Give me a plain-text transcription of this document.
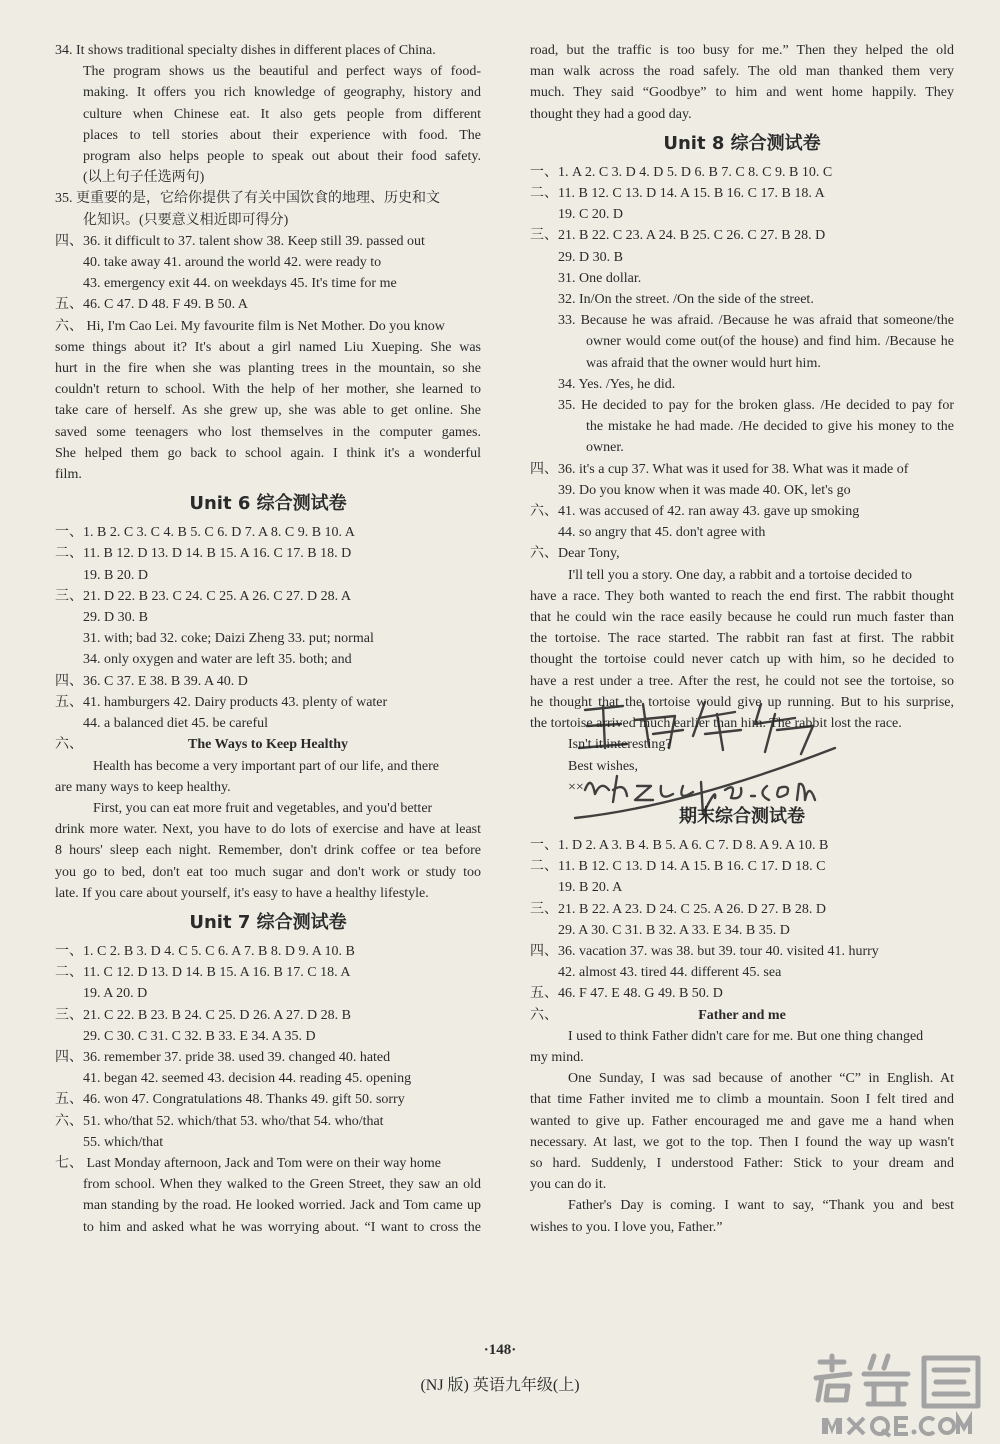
34. It shows traditional specialty dishes in different places of China.
The program shows us the beautiful and perfect ways of food-
making. It offers you rich knowledge of geography, history and
culture when Chinese eat. It also gets people from different
places to tell stories about their experience with food. The
program also helps people to speak out about their food safety.
(以上句子任选两句)
35. 更重要的是，它给你提供了有关中国饮食的地理、历史和文
化知识。(只要意义相近即可得分)
四、36. it difficult to 37. talent show 38. Keep still 39. passed out
40. take away 41. around the world 42. were ready to
43. emergency exit 44. on weekdays 45. It's time for me
五、46. C 47. D 48. F 49. B 50. A
六、 Hi, I'm Cao Lei. My favourite film is Net Mother. Do you know
some things about it? It's about a girl named Liu Xueping. She was
hurt in the fire when she was planting trees in the mountain, so she
couldn't return to school. With the help of her mother, she learned to
take care of herself. As she grew up, she was able to get online. She
saved some teenagers who lost themselves in the computer games.
She helped them go back to school again. I think it's a wonderful
film.
Unit 6 综合测试卷
一、1. B 2. C 3. C 4. B 5. C 6. D 7. A 8. C 9. B 10. A
二、11. B 12. D 13. D 14. B 15. A 16. C 17. B 18. D
19. B 20. D
三、21. D 22. B 23. C 24. C 25. A 26. C 27. D 28. A
29. D 30. B
31. with; bad 32. coke; Daizi Zheng 33. put; normal
34. only oxygen and water are left 35. both; and
四、36. C 37. E 38. B 39. A 40. D
五、41. hamburgers 42. Dairy products 43. plenty of water
44. a balanced diet 45. be careful
六、	The Ways to Keep Healthy
Health has become a very important part of our life, and there
are many ways to keep healthy.
First, you can eat more fruit and vegetables, and you'd better
drink more water. Next, you have to do lots of exercise and have at least
8 hours' sleep each night. Remember, don't drink coffee or tea before
you go to bed, don't eat too much sugar and don't work or study too
late. If you care about yourself, it's easy to have a healthy lifestyle.
Unit 7 综合测试卷
一、1. C 2. B 3. D 4. C 5. C 6. A 7. B 8. D 9. A 10. B
二、11. C 12. D 13. D 14. B 15. A 16. B 17. C 18. A
19. A 20. D
三、21. C 22. B 23. B 24. C 25. D 26. A 27. D 28. B
29. C 30. C 31. C 32. B 33. E 34. A 35. D
四、36. remember 37. pride 38. used 39. changed 40. hated
41. began 42. seemed 43. decision 44. reading 45. opening
五、46. won 47. Congratulations 48. Thanks 49. gift 50. sorry
六、51. who/that 52. which/that 53. who/that 54. who/that
55. which/that
七、 Last Monday afternoon, Jack and Tom were on their way home
from school. When they walked to the Green Street, they saw an old
man standing by the road. He looked worried. Jack and Tom came up
to him and asked what he was worrying about. “I want to cross the
road, but the traffic is too busy for me.” Then they helped the old
man walk across the road safely. The old man thanked them very
much. They said “Goodbye” to him and went home happily. They
thought they had a good day.
Unit 8 综合测试卷
一、1. A 2. C 3. D 4. D 5. D 6. B 7. C 8. C 9. B 10. C
二、11. B 12. C 13. D 14. A 15. B 16. C 17. B 18. A
19. C 20. D
三、21. B 22. C 23. A 24. B 25. C 26. C 27. B 28. D
29. D 30. B
31. One dollar.
32. In/On the street. /On the side of the street.
33. Because he was afraid. /Because he was afraid that someone/the
owner would come out(of the house) and find him. /Because he
was afraid that the owner would hurt him.
34. Yes. /Yes, he did.
35. He decided to pay for the broken glass. /He decided to pay for
the mistake he had made. /He decided to give his money to the
owner.
四、36. it's a cup 37. What was it used for 38. What was it made of
39. Do you know when it was made 40. OK, let's go
六、41. was accused of 42. ran away 43. gave up smoking
44. so angry that 45. don't agree with
六、Dear Tony,
I'll tell you a story. One day, a rabbit and a tortoise decided to
have a race. They both wanted to reach the end first. The rabbit thought
that he could win the race easily because he could run much faster than
the tortoise. The race started. The rabbit ran fast at first. The rabbit
thought the tortoise could never catch up with him, so he decided to
have a rest under a tree. After the rest, he could not see the tortoise, so
he thought that the tortoise would give up running. But to his surprise,
the tortoise arrived much earlier than him. The rabbit lost the race.
Isn't it interesting?
Best wishes,
××
期末综合测试卷
一、1. D 2. A 3. B 4. B 5. A 6. C 7. D 8. A 9. A 10. B
二、11. B 12. C 13. D 14. A 15. B 16. C 17. D 18. C
19. B 20. A
三、21. B 22. A 23. D 24. C 25. A 26. D 27. B 28. D
29. A 30. C 31. B 32. A 33. E 34. B 35. D
四、36. vacation 37. was 38. but 39. tour 40. visited 41. hurry
42. almost 43. tired 44. different 45. sea
五、46. F 47. E 48. G 49. B 50. D
六、	Father and me
I used to think Father didn't care for me. But one thing changed
my mind.
One Sunday, I was sad because of another “C” in English. At
that time Father invited me to climb a mountain. Soon I felt tired and
wanted to give up. Father encouraged me and gave me a hand when
necessary. At last, we got to the top. Then I found the way up wasn't
so hard. Suddenly, I understood Father: Stick to your dream and
you can do it.
Father's Day is coming. I want to say, “Thank you and best
wishes to you. I love you, Father.”
·148·
(NJ 版) 英语九年级(上)
